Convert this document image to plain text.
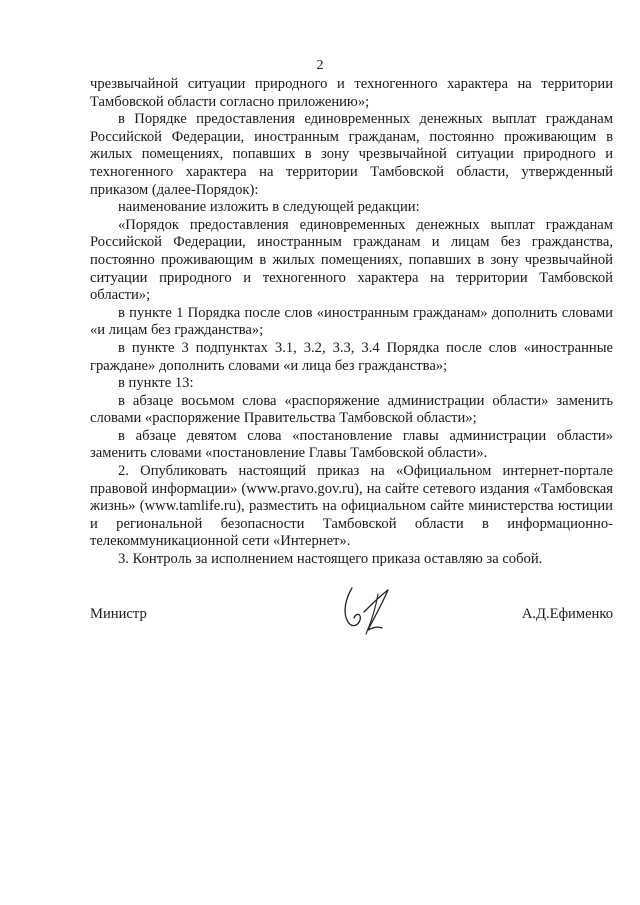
2

чрезвычайной ситуации природного и техногенного характера на территории Тамбовской области согласно приложению»;

в Порядке предоставления единовременных денежных выплат гражданам Российской Федерации, иностранным гражданам, постоянно проживающим в жилых помещениях, попавших в зону чрезвычайной ситуации природного и техногенного характера на территории Тамбовской области, утвержденный приказом (далее-Порядок):

наименование изложить в следующей редакции:

«Порядок предоставления единовременных денежных выплат гражданам Российской Федерации, иностранным гражданам и лицам без гражданства, постоянно проживающим в жилых помещениях, попавших в зону чрезвычайной ситуации природного и техногенного характера на территории Тамбовской области»;

в пункте 1 Порядка после слов «иностранным гражданам» дополнить словами «и лицам без гражданства»;

в пункте 3 подпунктах 3.1, 3.2, 3.3, 3.4 Порядка после слов «иностранные граждане» дополнить словами «и лица без гражданства»;

в пункте 13:

в абзаце восьмом слова «распоряжение администрации области» заменить словами «распоряжение Правительства Тамбовской области»;

в абзаце девятом слова «постановление главы администрации области» заменить словами «постановление Главы Тамбовской области».

2. Опубликовать настоящий приказ на «Официальном интернет-портале правовой информации» (www.pravo.gov.ru), на сайте сетевого издания «Тамбовская жизнь» (www.tamlife.ru), разместить на официальном сайте министерства юстиции и региональной безопасности Тамбовской области в информационно-телекоммуникационной сети «Интернет».

3. Контроль за исполнением настоящего приказа оставляю за собой.

Министр	А.Д.Ефименко
